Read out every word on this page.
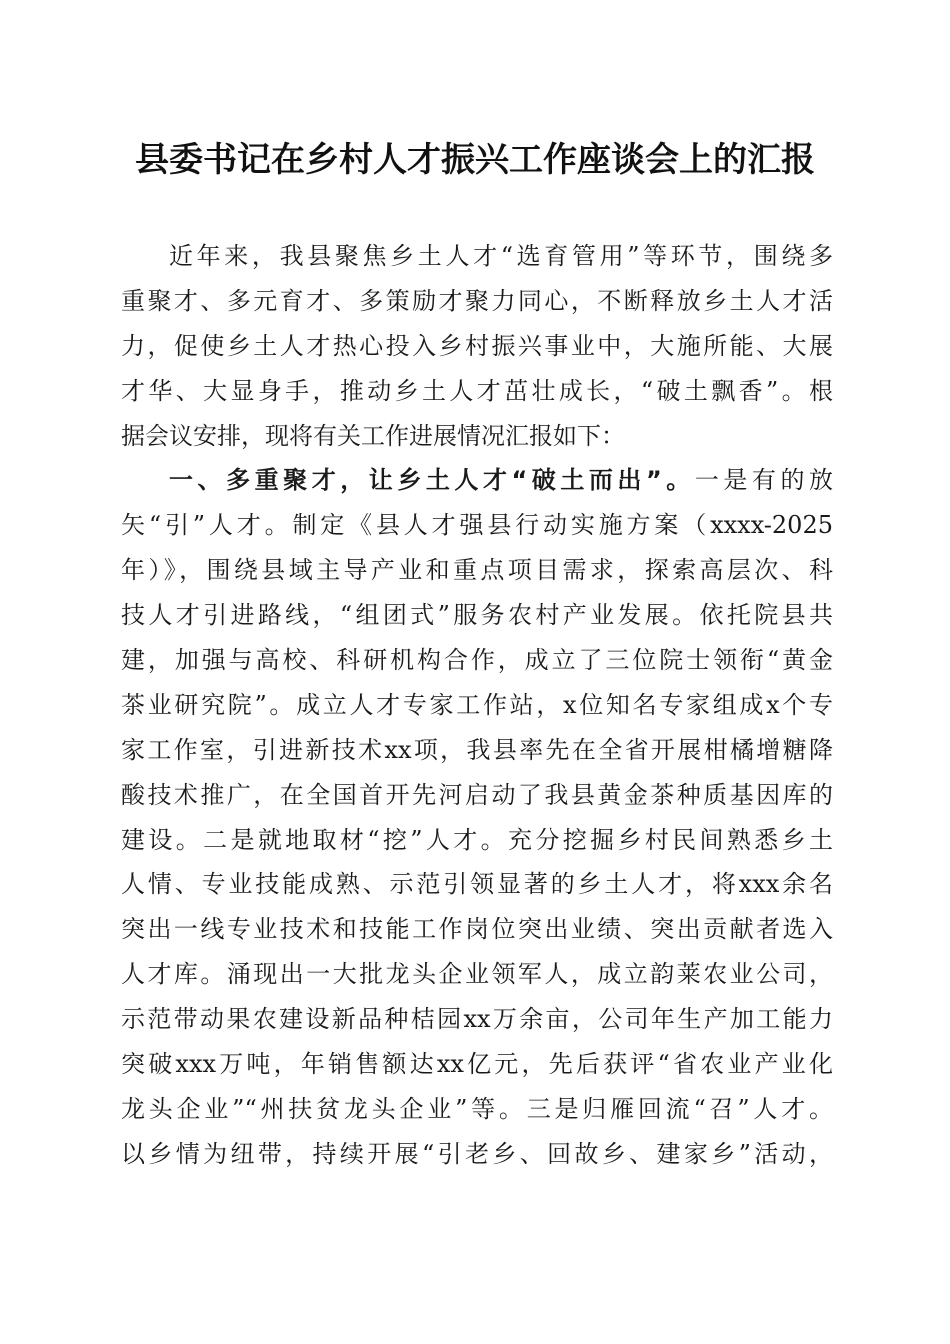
县委书记在乡村人才振兴工作座谈会上的汇报
近年来，我县聚焦乡土人才“选育管用”等环节，围绕多
重聚才、多元育才、多策励才聚力同心，不断释放乡土人才活
力，促使乡土人才热心投入乡村振兴事业中，大施所能、大展
才华、大显身手，推动乡土人才茁壮成长，“破土飘香”。根
据会议安排，现将有关工作进展情况汇报如下：
一、多重聚才，让乡土人才“破土而出”。一是有的放
矢“引”人才。制定《县人才强县行动实施方案（xxxx-2025
年）》，围绕县域主导产业和重点项目需求，探索高层次、科
技人才引进路线，“组团式”服务农村产业发展。依托院县共
建，加强与高校、科研机构合作，成立了三位院士领衔“黄金
茶业研究院”。成立人才专家工作站，x位知名专家组成x个专
家工作室，引进新技术xx项，我县率先在全省开展柑橘增糖降
酸技术推广，在全国首开先河启动了我县黄金茶种质基因库的
建设。二是就地取材“挖”人才。充分挖掘乡村民间熟悉乡土
人情、专业技能成熟、示范引领显著的乡土人才，将xxx余名
突出一线专业技术和技能工作岗位突出业绩、突出贡献者选入
人才库。涌现出一大批龙头企业领军人，成立韵莱农业公司，
示范带动果农建设新品种桔园xx万余亩，公司年生产加工能力
突破xxx万吨，年销售额达xx亿元，先后获评“省农业产业化
龙头企业”“州扶贫龙头企业”等。三是归雁回流“召”人才。
以乡情为纽带，持续开展“引老乡、回故乡、建家乡”活动，
